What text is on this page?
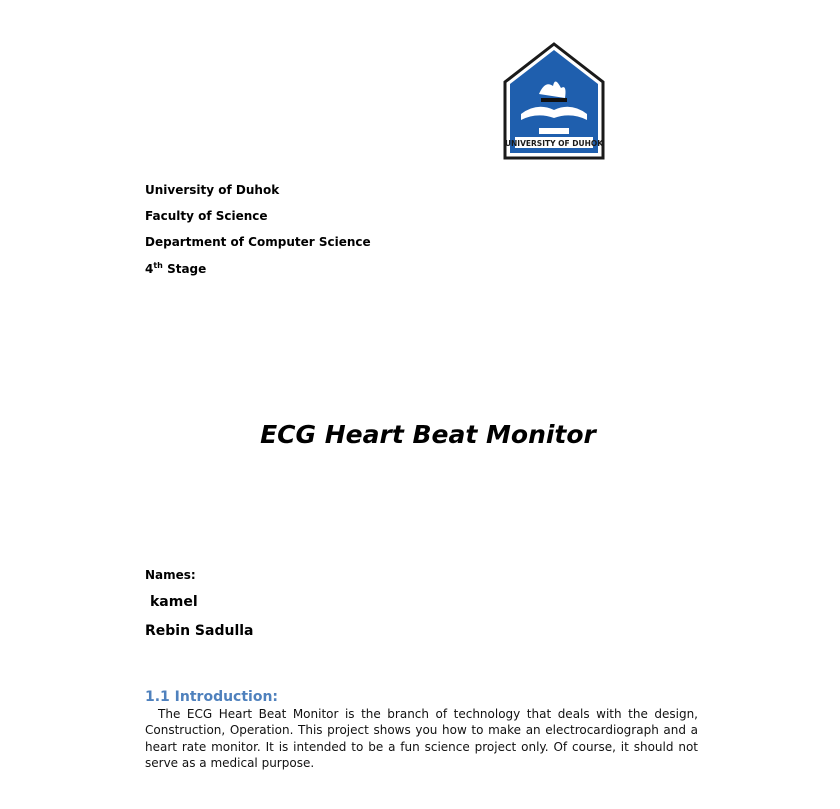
UNIVERSITY OF DUHOK
University of Duhok
Faculty of Science
Department of Computer Science
4th Stage
ECG Heart Beat Monitor
Names:
kamel
Rebin Sadulla
1.1 Introduction:
The ECG Heart Beat Monitor is the branch of technology that deals with the design, Construction, Operation. This project shows you how to make an electrocardiograph and a heart rate monitor. It is intended to be a fun science project only. Of course, it should not serve as a medical purpose.
